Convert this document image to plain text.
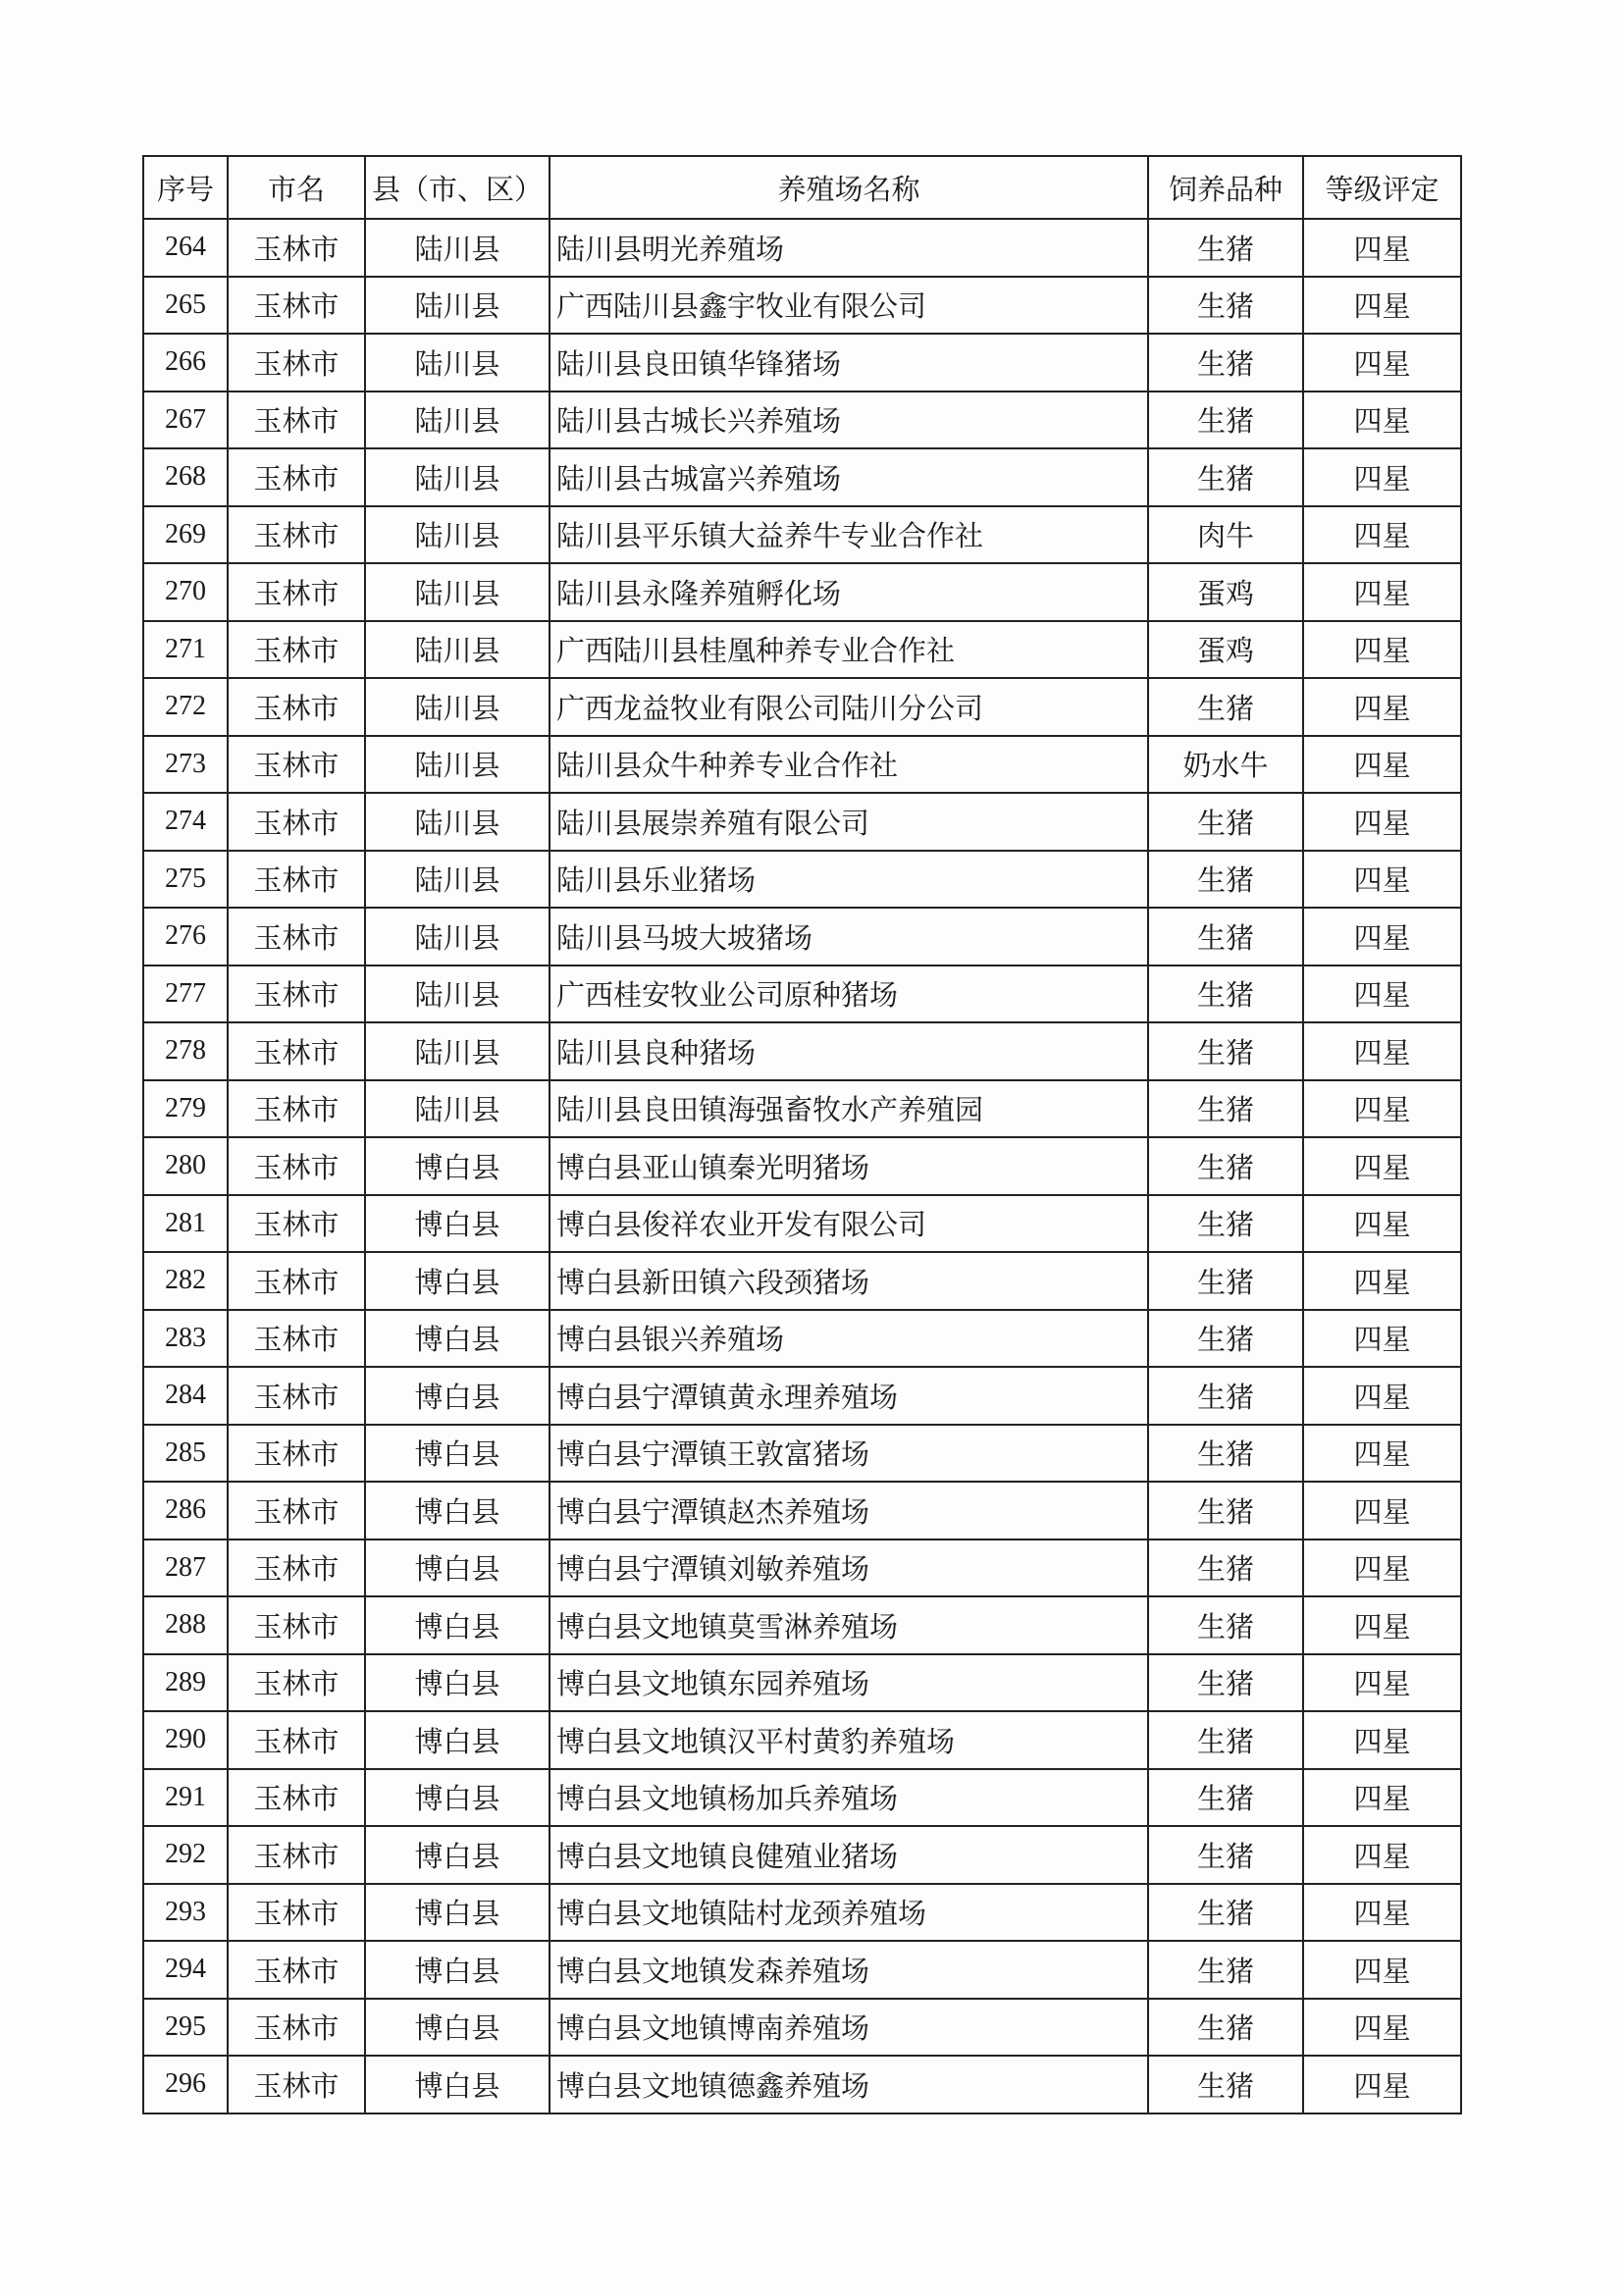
序号	市名	县（市、区）	养殖场名称	饲养品种	等级评定
264	玉林市	陆川县	陆川县明光养殖场	生猪	四星
265	玉林市	陆川县	广西陆川县鑫宇牧业有限公司	生猪	四星
266	玉林市	陆川县	陆川县良田镇华锋猪场	生猪	四星
267	玉林市	陆川县	陆川县古城长兴养殖场	生猪	四星
268	玉林市	陆川县	陆川县古城富兴养殖场	生猪	四星
269	玉林市	陆川县	陆川县平乐镇大益养牛专业合作社	肉牛	四星
270	玉林市	陆川县	陆川县永隆养殖孵化场	蛋鸡	四星
271	玉林市	陆川县	广西陆川县桂凰种养专业合作社	蛋鸡	四星
272	玉林市	陆川县	广西龙益牧业有限公司陆川分公司	生猪	四星
273	玉林市	陆川县	陆川县众牛种养专业合作社	奶水牛	四星
274	玉林市	陆川县	陆川县展崇养殖有限公司	生猪	四星
275	玉林市	陆川县	陆川县乐业猪场	生猪	四星
276	玉林市	陆川县	陆川县马坡大坡猪场	生猪	四星
277	玉林市	陆川县	广西桂安牧业公司原种猪场	生猪	四星
278	玉林市	陆川县	陆川县良种猪场	生猪	四星
279	玉林市	陆川县	陆川县良田镇海强畜牧水产养殖园	生猪	四星
280	玉林市	博白县	博白县亚山镇秦光明猪场	生猪	四星
281	玉林市	博白县	博白县俊祥农业开发有限公司	生猪	四星
282	玉林市	博白县	博白县新田镇六段颈猪场	生猪	四星
283	玉林市	博白县	博白县银兴养殖场	生猪	四星
284	玉林市	博白县	博白县宁潭镇黄永理养殖场	生猪	四星
285	玉林市	博白县	博白县宁潭镇王敦富猪场	生猪	四星
286	玉林市	博白县	博白县宁潭镇赵杰养殖场	生猪	四星
287	玉林市	博白县	博白县宁潭镇刘敏养殖场	生猪	四星
288	玉林市	博白县	博白县文地镇莫雪淋养殖场	生猪	四星
289	玉林市	博白县	博白县文地镇东园养殖场	生猪	四星
290	玉林市	博白县	博白县文地镇汉平村黄豹养殖场	生猪	四星
291	玉林市	博白县	博白县文地镇杨加兵养殖场	生猪	四星
292	玉林市	博白县	博白县文地镇良健殖业猪场	生猪	四星
293	玉林市	博白县	博白县文地镇陆村龙颈养殖场	生猪	四星
294	玉林市	博白县	博白县文地镇发森养殖场	生猪	四星
295	玉林市	博白县	博白县文地镇博南养殖场	生猪	四星
296	玉林市	博白县	博白县文地镇德鑫养殖场	生猪	四星
